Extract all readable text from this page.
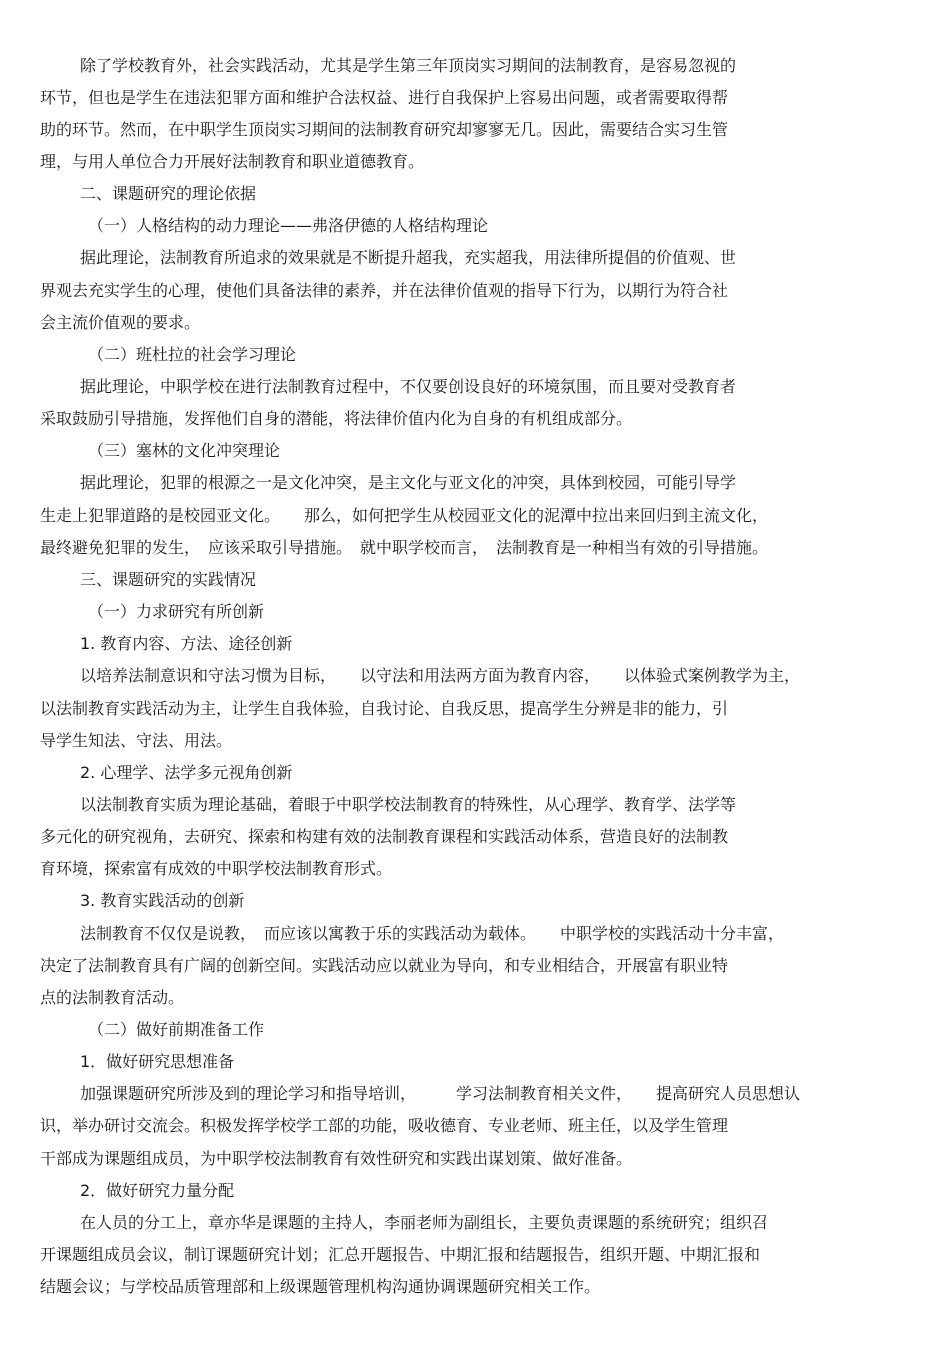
除了学校教育外，社会实践活动，尤其是学生第三年顶岗实习期间的法制教育，是容易忽视的
环节，但也是学生在违法犯罪方面和维护合法权益、进行自我保护上容易出问题，或者需要取得帮
助的环节。然而，在中职学生顶岗实习期间的法制教育研究却寥寥无几。因此，需要结合实习生管
理，与用人单位合力开展好法制教育和职业道德教育。
二、课题研究的理论依据
（一）人格结构的动力理论——弗洛伊德的人格结构理论
据此理论，法制教育所追求的效果就是不断提升超我，充实超我，用法律所提倡的价值观、世
界观去充实学生的心理，使他们具备法律的素养，并在法律价值观的指导下行为，以期行为符合社
会主流价值观的要求。
（二）班杜拉的社会学习理论
据此理论，中职学校在进行法制教育过程中，不仅要创设良好的环境氛围，而且要对受教育者
采取鼓励引导措施，发挥他们自身的潜能，将法律价值内化为自身的有机组成部分。
（三）塞林的文化冲突理论
据此理论，犯罪的根源之一是文化冲突，是主文化与亚文化的冲突，具体到校园，可能引导学
生走上犯罪道路的是校园亚文化。　　那么，如何把学生从校园亚文化的泥潭中拉出来回归到主流文化，
最终避免犯罪的发生，　应该采取引导措施。　就中职学校而言，　法制教育是一种相当有效的引导措施。
三、课题研究的实践情况
（一）力求研究有所创新
1. 教育内容、方法、途径创新
以培养法制意识和守法习惯为目标，　　以守法和用法两方面为教育内容，　　以体验式案例教学为主，
以法制教育实践活动为主，让学生自我体验，自我讨论、自我反思，提高学生分辨是非的能力，引
导学生知法、守法、用法。
2. 心理学、法学多元视角创新
以法制教育实质为理论基础，着眼于中职学校法制教育的特殊性，从心理学、教育学、法学等
多元化的研究视角，去研究、探索和构建有效的法制教育课程和实践活动体系，营造良好的法制教
育环境，探索富有成效的中职学校法制教育形式。
3. 教育实践活动的创新
法制教育不仅仅是说教，　而应该以寓教于乐的实践活动为载体。　　中职学校的实践活动十分丰富，
决定了法制教育具有广阔的创新空间。实践活动应以就业为导向，和专业相结合，开展富有职业特
点的法制教育活动。
（二）做好前期准备工作
1．做好研究思想准备
加强课题研究所涉及到的理论学习和指导培训，　　　学习法制教育相关文件，　　提高研究人员思想认
识，举办研讨交流会。积极发挥学校学工部的功能，吸收德育、专业老师、班主任，以及学生管理
干部成为课题组成员，为中职学校法制教育有效性研究和实践出谋划策、做好准备。
2．做好研究力量分配
在人员的分工上，章亦华是课题的主持人，李丽老师为副组长，主要负责课题的系统研究；组织召
开课题组成员会议，制订课题研究计划；汇总开题报告、中期汇报和结题报告，组织开题、中期汇报和
结题会议；与学校品质管理部和上级课题管理机构沟通协调课题研究相关工作。
